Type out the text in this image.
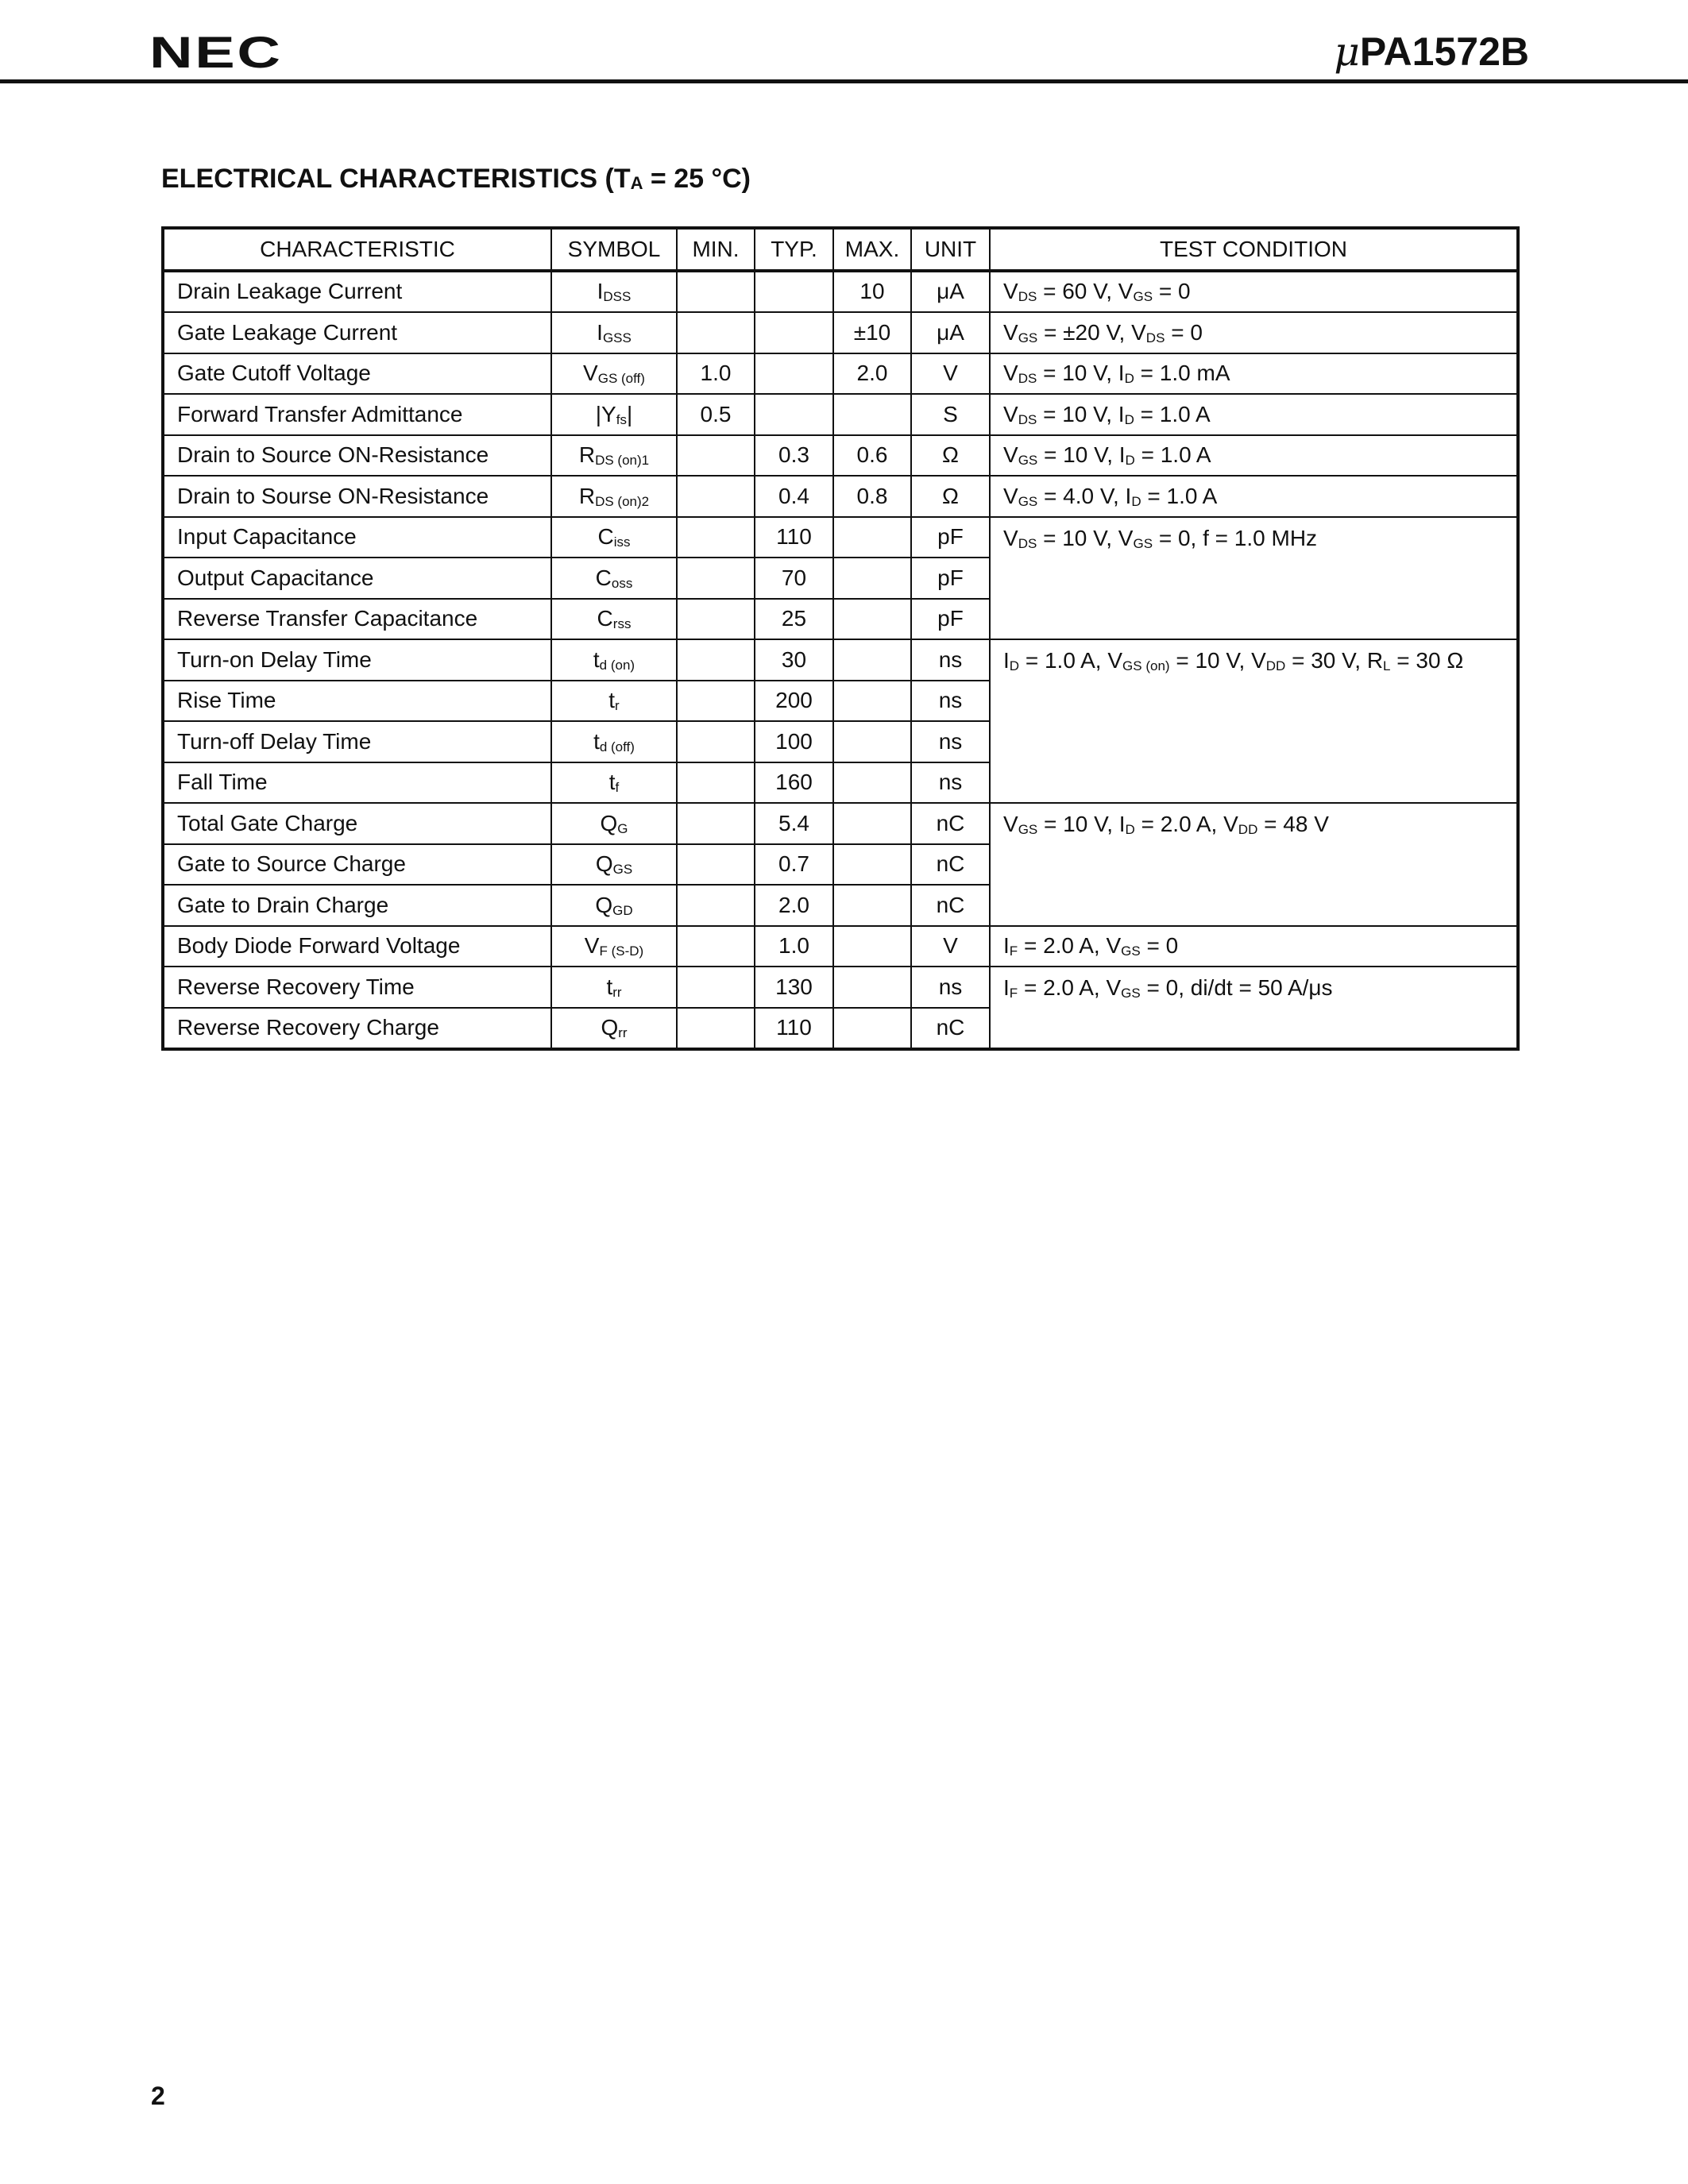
NEC	μPA1572B
ELECTRICAL CHARACTERISTICS ($T_A = 25$ °C)
CHARACTERISTIC	SYMBOL	MIN.	TYP.	MAX.	UNIT	TEST CONDITION
Drain Leakage Current	$I_{DSS}$			10	μA	$V_{DS} = 60$ V, $V_{GS} = 0$
Gate Leakage Current	$I_{GSS}$			±10	μA	$V_{GS} = \pm 20$ V, $V_{DS} = 0$
Gate Cutoff Voltage	$V_{GS (off)}$	1.0		2.0	V	$V_{DS} = 10$ V, $I_D = 1.0$ mA
Forward Transfer Admittance	$|Y_{fs}|$	0.5			S	$V_{DS} = 10$ V, $I_D = 1.0$ A
Drain to Source ON-Resistance	$R_{DS (on)1}$		0.3	0.6	Ω	$V_{GS} = 10$ V, $I_D = 1.0$ A
Drain to Sourse ON-Resistance	$R_{DS (on)2}$		0.4	0.8	Ω	$V_{GS} = 4.0$ V, $I_D = 1.0$ A
Input Capacitance	$C_{iss}$		110		pF	$V_{DS} = 10$ V, $V_{GS} = 0$, f = 1.0 MHz
Output Capacitance	$C_{oss}$		70		pF	
Reverse Transfer Capacitance	$C_{rss}$		25		pF	
Turn-on Delay Time	$t_{d (on)}$		30		ns	$I_D = 1.0$ A, $V_{GS (on)} = 10$ V, $V_{DD} = 30$ V, $R_L = 30$ Ω
Rise Time	$t_r$		200		ns	
Turn-off Delay Time	$t_{d (off)}$		100		ns	
Fall Time	$t_f$		160		ns	
Total Gate Charge	$Q_G$		5.4		nC	$V_{GS} = 10$ V, $I_D = 2.0$ A, $V_{DD} = 48$ V
Gate to Source Charge	$Q_{GS}$		0.7		nC	
Gate to Drain Charge	$Q_{GD}$		2.0		nC	
Body Diode Forward Voltage	$V_{F (S-D)}$		1.0		V	$I_F = 2.0$ A, $V_{GS} = 0$
Reverse Recovery Time	$t_{rr}$		130		ns	$I_F = 2.0$ A, $V_{GS} = 0$, di/dt = 50 A/μs
Reverse Recovery Charge	$Q_{rr}$		110		nC	
2
